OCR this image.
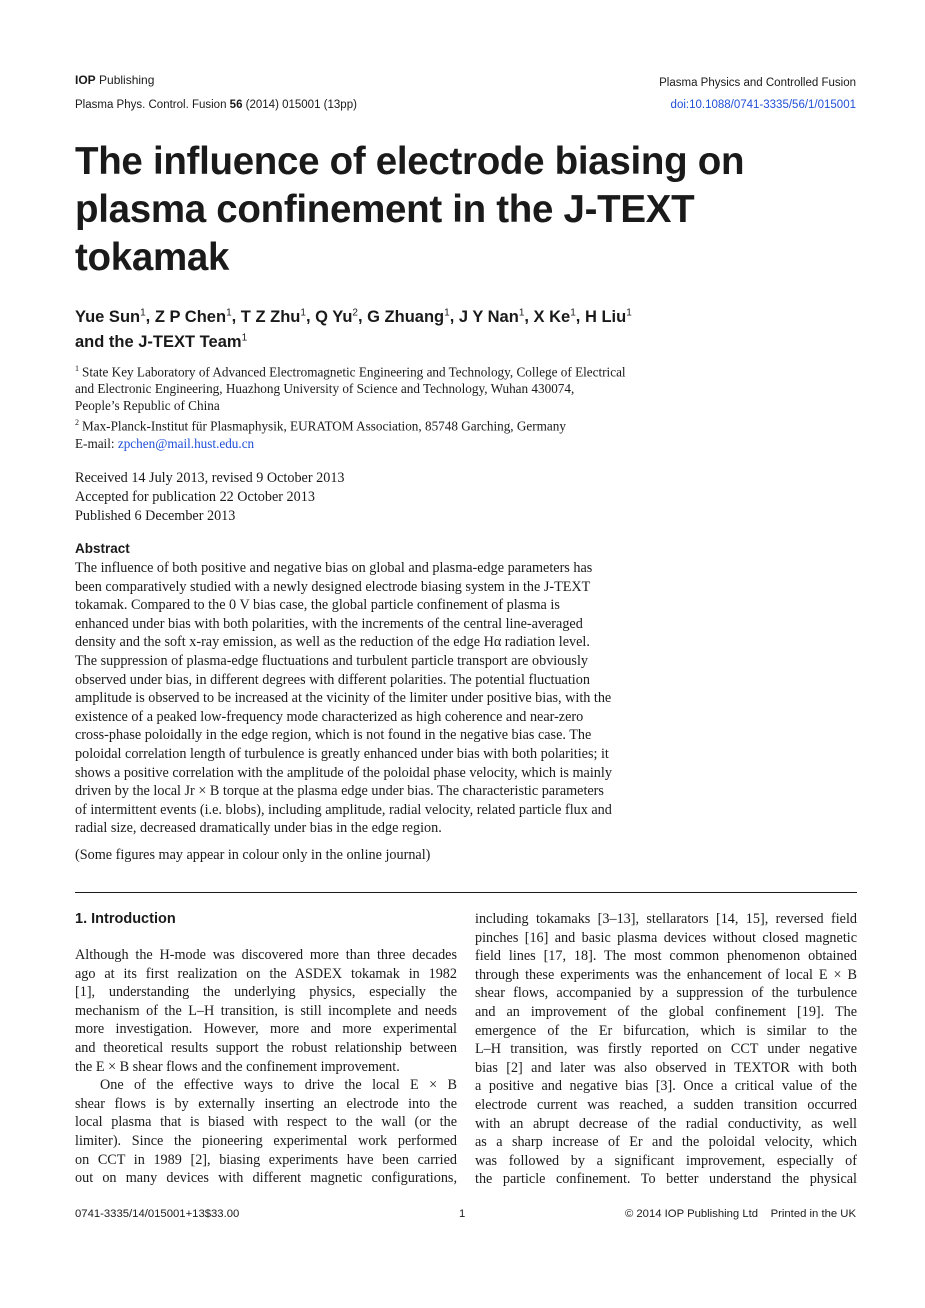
IOP Publishing	Plasma Physics and Controlled Fusion
Plasma Phys. Control. Fusion 56 (2014) 015001 (13pp)	doi:10.1088/0741-3335/56/1/015001
The influence of electrode biasing on
plasma confinement in the J-TEXT
tokamak
Yue Sun$^1$, Z P Chen$^1$, T Z Zhu$^1$, Q Yu$^2$, G Zhuang$^1$, J Y Nan$^1$, X Ke$^1$, H Liu$^1$
and the J-TEXT Team$^1$
$^1$ State Key Laboratory of Advanced Electromagnetic Engineering and Technology, College of Electrical
and Electronic Engineering, Huazhong University of Science and Technology, Wuhan 430074,
People’s Republic of China
$^2$ Max-Planck-Institut für Plasmaphysik, EURATOM Association, 85748 Garching, Germany
E-mail: zpchen@mail.hust.edu.cn
Received 14 July 2013, revised 9 October 2013
Accepted for publication 22 October 2013
Published 6 December 2013
Abstract
The influence of both positive and negative bias on global and plasma-edge parameters has
been comparatively studied with a newly designed electrode biasing system in the J-TEXT
tokamak. Compared to the 0 V bias case, the global particle confinement of plasma is
enhanced under bias with both polarities, with the increments of the central line-averaged
density and the soft x-ray emission, as well as the reduction of the edge Hα radiation level.
The suppression of plasma-edge fluctuations and turbulent particle transport are obviously
observed under bias, in different degrees with different polarities. The potential fluctuation
amplitude is observed to be increased at the vicinity of the limiter under positive bias, with the
existence of a peaked low-frequency mode characterized as high coherence and near-zero
cross-phase poloidally in the edge region, which is not found in the negative bias case. The
poloidal correlation length of turbulence is greatly enhanced under bias with both polarities; it
shows a positive correlation with the amplitude of the poloidal phase velocity, which is mainly
driven by the local Jr × B torque at the plasma edge under bias. The characteristic parameters
of intermittent events (i.e. blobs), including amplitude, radial velocity, related particle flux and
radial size, decreased dramatically under bias in the edge region.
(Some figures may appear in colour only in the online journal)
1. Introduction

Although the H-mode was discovered more than three decades
ago at its first realization on the ASDEX tokamak in 1982
[1], understanding the underlying physics, especially the
mechanism of the L–H transition, is still incomplete and needs
more investigation. However, more and more experimental
and theoretical results support the robust relationship between
the E × B shear flows and the confinement improvement.

One of the effective ways to drive the local E × B
shear flows is by externally inserting an electrode into the
local plasma that is biased with respect to the wall (or the
limiter). Since the pioneering experimental work performed
on CCT in 1989 [2], biasing experiments have been carried
out on many devices with different magnetic configurations,

including tokamaks [3–13], stellarators [14, 15], reversed field
pinches [16] and basic plasma devices without closed magnetic
field lines [17, 18]. The most common phenomenon obtained
through these experiments was the enhancement of local E × B
shear flows, accompanied by a suppression of the turbulence
and an improvement of the global confinement [19]. The
emergence of the Er bifurcation, which is similar to the
L–H transition, was firstly reported on CCT under negative
bias [2] and later was also observed in TEXTOR with both
a positive and negative bias [3]. Once a critical value of the
electrode current was reached, a sudden transition occurred
with an abrupt decrease of the radial conductivity, as well
as a sharp increase of Er and the poloidal velocity, which
was followed by a significant improvement, especially of
the particle confinement. To better understand the physical
0741-3335/14/015001+13$33.00	1	© 2014 IOP Publishing Ltd    Printed in the UK
